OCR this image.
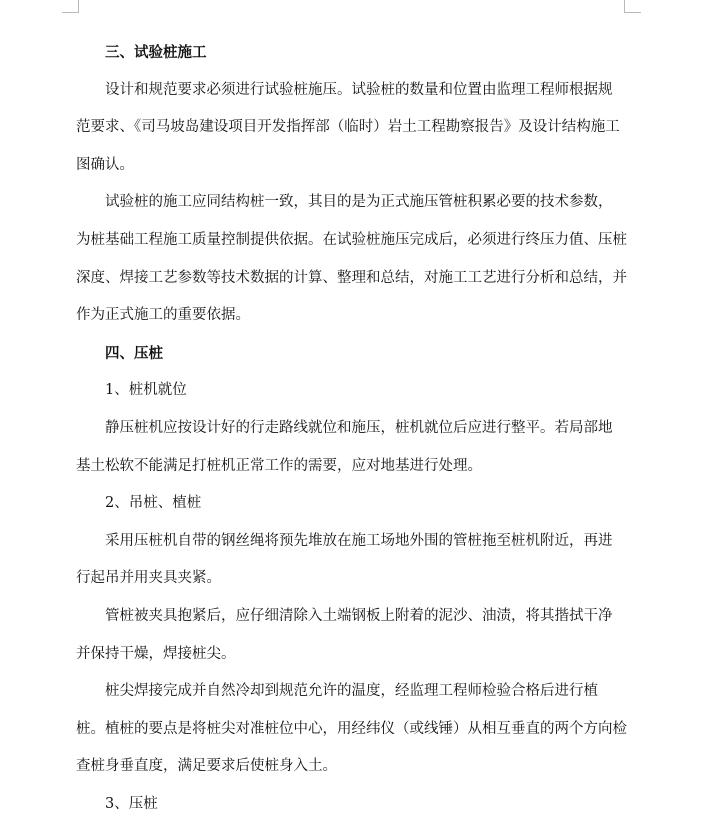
三、试验桩施工
设计和规范要求必须进行试验桩施压。试验桩的数量和位置由监理工程师根据规
范要求、《司马坡岛建设项目开发指挥部（临时）岩土工程勘察报告》及设计结构施工
图确认。
试验桩的施工应同结构桩一致，其目的是为正式施压管桩积累必要的技术参数，
为桩基础工程施工质量控制提供依据。在试验桩施压完成后，必须进行终压力值、压桩
深度、焊接工艺参数等技术数据的计算、整理和总结，对施工工艺进行分析和总结，并
作为正式施工的重要依据。
四、压桩
1、桩机就位
静压桩机应按设计好的行走路线就位和施压，桩机就位后应进行整平。若局部地
基土松软不能满足打桩机正常工作的需要，应对地基进行处理。
2、吊桩、植桩
采用压桩机自带的钢丝绳将预先堆放在施工场地外围的管桩拖至桩机附近，再进
行起吊并用夹具夹紧。
管桩被夹具抱紧后，应仔细清除入土端钢板上附着的泥沙、油渍，将其揩拭干净
并保持干燥，焊接桩尖。
桩尖焊接完成并自然冷却到规范允许的温度，经监理工程师检验合格后进行植
桩。植桩的要点是将桩尖对准桩位中心，用经纬仪（或线锤）从相互垂直的两个方向检
查桩身垂直度，满足要求后使桩身入土。
3、压桩
